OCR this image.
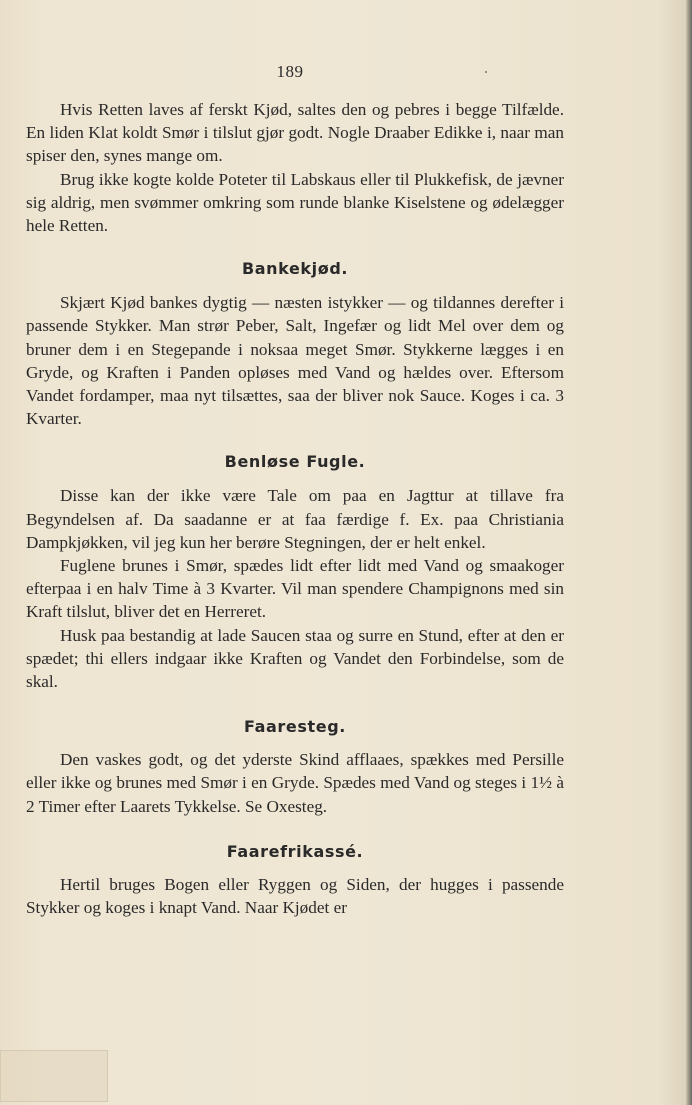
189

Hvis Retten laves af ferskt Kjød, saltes den og pebres i begge Tilfælde. En liden Klat koldt Smør i tilslut gjør godt. Nogle Draaber Edikke i, naar man spiser den, synes mange om.

Brug ikke kogte kolde Poteter til Labskaus eller til Plukkefisk, de jævner sig aldrig, men svømmer omkring som runde blanke Kiselstene og ødelægger hele Retten.

Bankekjød.

Skjært Kjød bankes dygtig — næsten istykker — og tildannes derefter i passende Stykker. Man strør Peber, Salt, Ingefær og lidt Mel over dem og bruner dem i en Stegepande i noksaa meget Smør. Stykkerne lægges i en Gryde, og Kraften i Panden opløses med Vand og hældes over. Eftersom Vandet fordamper, maa nyt tilsættes, saa der bliver nok Sauce. Koges i ca. 3 Kvarter.

Benløse Fugle.

Disse kan der ikke være Tale om paa en Jagttur at tillave fra Begyndelsen af. Da saadanne er at faa færdige f. Ex. paa Christiania Dampkjøkken, vil jeg kun her berøre Stegningen, der er helt enkel.

Fuglene brunes i Smør, spædes lidt efter lidt med Vand og smaakoger efterpaa i en halv Time à 3 Kvarter. Vil man spendere Champignons med sin Kraft tilslut, bliver det en Herreret.

Husk paa bestandig at lade Saucen staa og surre en Stund, efter at den er spædet; thi ellers indgaar ikke Kraften og Vandet den Forbindelse, som de skal.

Faaresteg.

Den vaskes godt, og det yderste Skind afflaaes, spækkes med Persille eller ikke og brunes med Smør i en Gryde. Spædes med Vand og steges i 1½ à 2 Timer efter Laarets Tykkelse. Se Oxesteg.

Faarefrikassé.

Hertil bruges Bogen eller Ryggen og Siden, der hugges i passende Stykker og koges i knapt Vand. Naar Kjødet er
